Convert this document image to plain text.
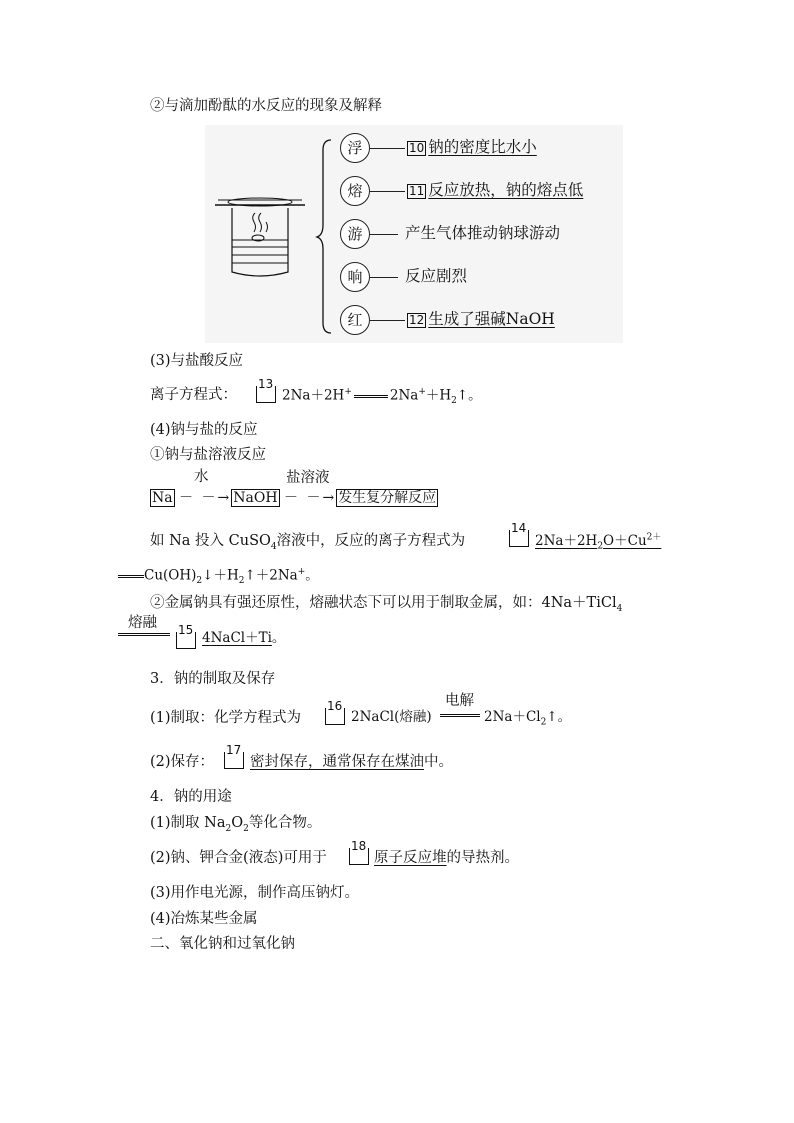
②与滴加酚酞的水反应的现象及解释
浮	10 钠的密度比水小
熔	11 反应放热，钠的熔点低
游	产生气体推动钠球游动
响	反应剧烈
红	12 生成了强碱NaOH
(3)与盐酸反应
离子方程式：
13
2Na＋2H+	$2Na^++H_2↑$。
(4)钠与盐的反应
①钠与盐溶液反应
水	盐溶液
Na － －→ NaOH － －→ 发生复分解反应
如 Na 投入 CuSO$_4$溶液中，反应的离子方程式为
14
$2Na+2H_2O+Cu^{2+}$
$Cu(OH)_2↓+H_2↑+2Na^+$。
②金属钠具有强还原性，熔融状态下可以用于制取金属，如：4Na＋TiCl$_4$
熔融 15 4NaCl＋Ti。
3．钠的制取及保存
(1)制取：化学方程式为
16
2NaCl(熔融)
电解
$2Na+Cl_2↑$。
(2)保存：
17
密封保存，通常保存在煤油中。
4．钠的用途
(1)制取 $Na_2O_2$等化合物。
(2)钠、钾合金(液态)可用于
18
原子反应堆的导热剂。
(3)用作电光源，制作高压钠灯。
(4)冶炼某些金属
二、氧化钠和过氧化钠
